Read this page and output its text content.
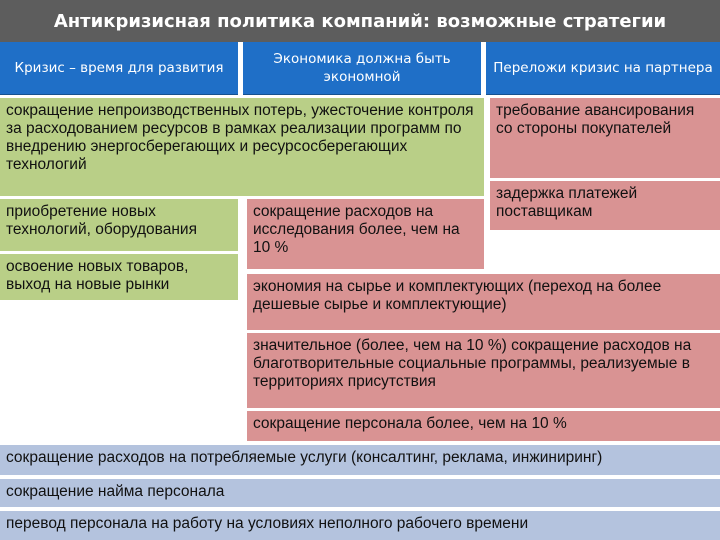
Антикризисная политика компаний: возможные стратегии
Кризис – время для развития
Экономика должна быть экономной
Переложи кризис на партнера
сокращение непроизводственных потерь, ужесточение контроля за расходованием ресурсов в рамках реализации программ по внедрению энергосберегающих и ресурсосберегающих технологий
требование авансирования со стороны покупателей
задержка платежей поставщикам
приобретение новых технологий, оборудования
освоение новых товаров, выход на новые рынки
сокращение расходов на исследования более, чем на 10 %
экономия на сырье и комплектующих (переход на более дешевые сырье и комплектующие)
значительное (более, чем на 10 %) сокращение расходов на благотворительные социальные программы, реализуемые в территориях присутствия
сокращение персонала более, чем на 10 %
сокращение расходов на потребляемые услуги (консалтинг, реклама, инжиниринг)
сокращение найма персонала
перевод персонала на работу на условиях неполного рабочего времени
